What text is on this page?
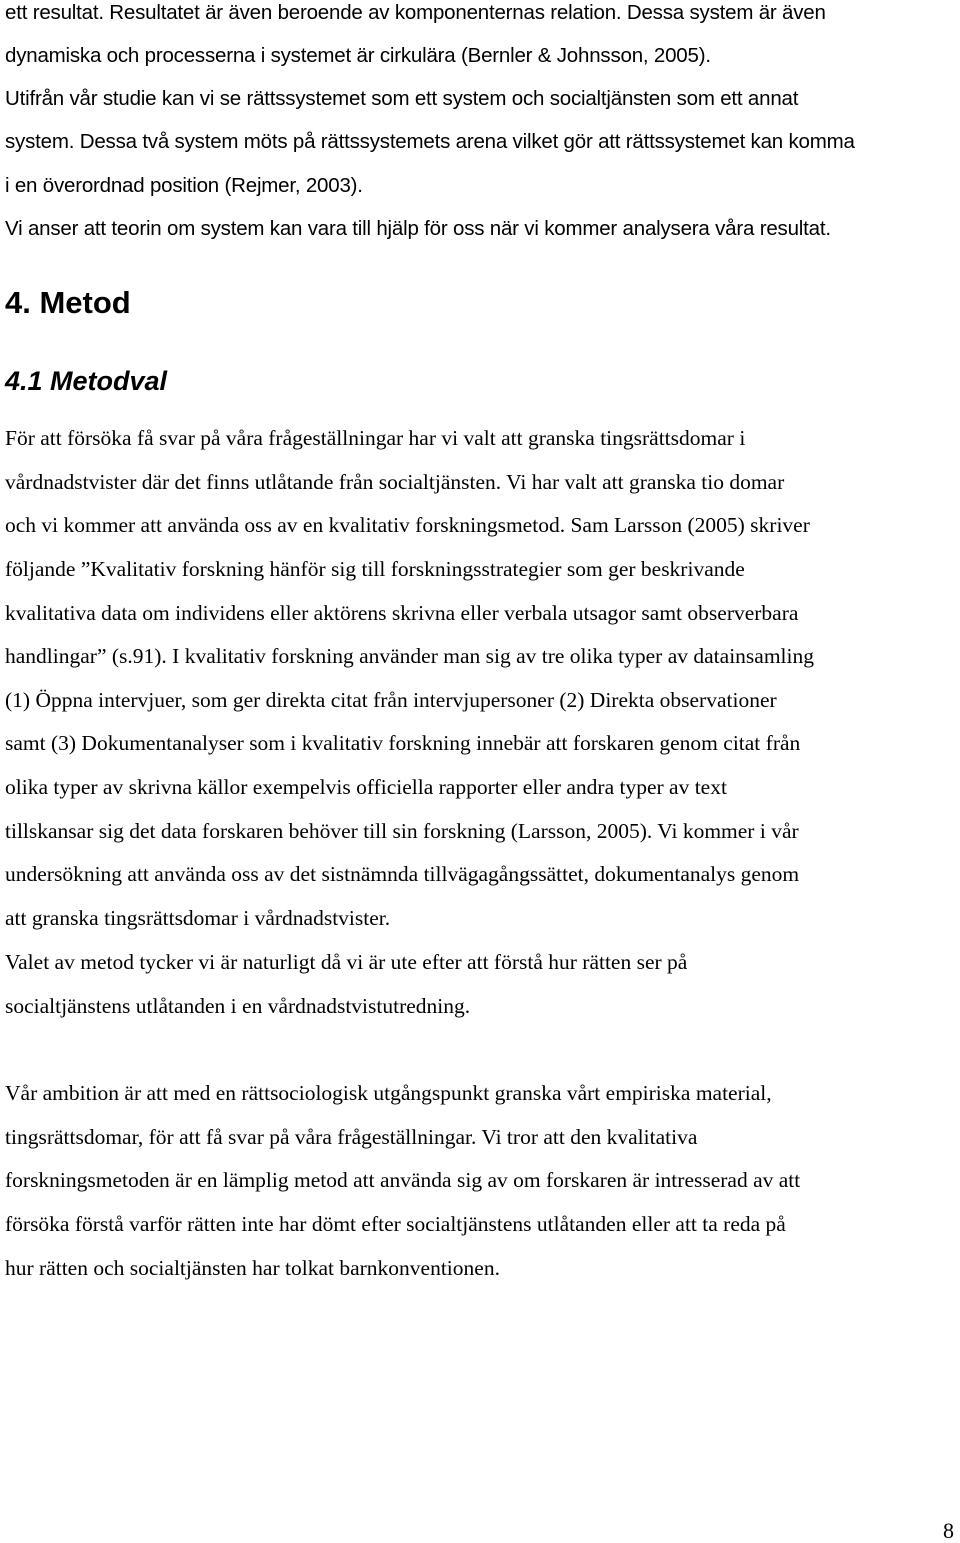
ett resultat. Resultatet är även beroende av komponenternas relation. Dessa system är även
dynamiska och processerna i systemet är cirkulära (Bernler & Johnsson, 2005).
Utifrån vår studie kan vi se rättssystemet som ett system och socialtjänsten som ett annat
system. Dessa två system möts på rättssystemets arena vilket gör att rättssystemet kan komma
i en överordnad position (Rejmer, 2003).
Vi anser att teorin om system kan vara till hjälp för oss när vi kommer analysera våra resultat.
4. Metod
4.1 Metodval
För att försöka få svar på våra frågeställningar har vi valt att granska tingsrättsdomar i
vårdnadstvister där det finns utlåtande från socialtjänsten. Vi har valt att granska tio domar
och vi kommer att använda oss av en kvalitativ forskningsmetod. Sam Larsson (2005) skriver
följande ”Kvalitativ forskning hänför sig till forskningsstrategier som ger beskrivande
kvalitativa data om individens eller aktörens skrivna eller verbala utsagor samt observerbara
handlingar” (s.91). I kvalitativ forskning använder man sig av tre olika typer av datainsamling
(1) Öppna intervjuer, som ger direkta citat från intervjupersoner (2) Direkta observationer
samt (3) Dokumentanalyser som i kvalitativ forskning innebär att forskaren genom citat från
olika typer av skrivna källor exempelvis officiella rapporter eller andra typer av text
tillskansar sig det data forskaren behöver till sin forskning (Larsson, 2005). Vi kommer i vår
undersökning att använda oss av det sistnämnda tillvägagångssättet, dokumentanalys genom
att granska tingsrättsdomar i vårdnadstvister.
Valet av metod tycker vi är naturligt då vi är ute efter att förstå hur rätten ser på
socialtjänstens utlåtanden i en vårdnadstvistutredning.
Vår ambition är att med en rättsociologisk utgångspunkt granska vårt empiriska material,
tingsrättsdomar, för att få svar på våra frågeställningar. Vi tror att den kvalitativa
forskningsmetoden är en lämplig metod att använda sig av om forskaren är intresserad av att
försöka förstå varför rätten inte har dömt efter socialtjänstens utlåtanden eller att ta reda på
hur rätten och socialtjänsten har tolkat barnkonventionen.
8
